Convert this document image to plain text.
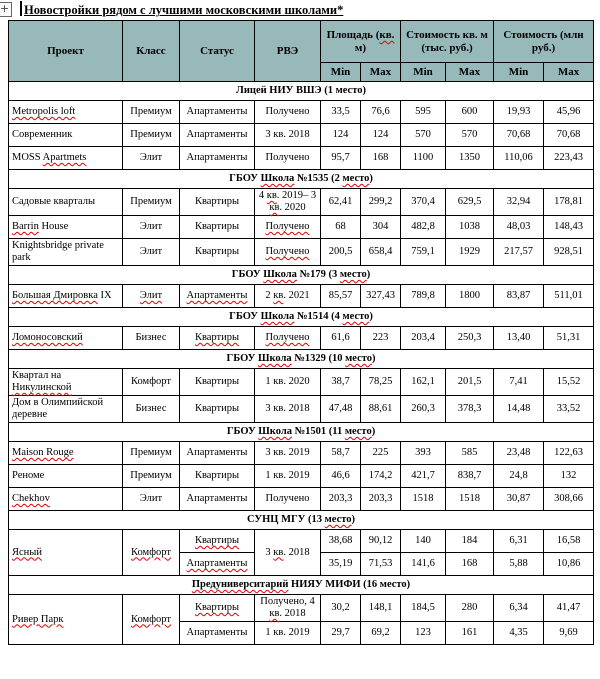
+ Новостройки рядом с лучшими московскими школами*

Проект	Класс	Статус	РВЭ	Площадь (кв. м)		Стоимость кв. м (тыс. руб.)		Стоимость (млн руб.)	
				Min	Max	Min	Max	Min	Max
Лицей НИУ ВШЭ (1 место)									
Metropolis loft	Премиум	Апартаменты	Получено	33,5	76,6	595	600	19,93	45,96
Современник	Премиум	Апартаменты	3 кв. 2018	124	124	570	570	70,68	70,68
MOSS Apartmets	Элит	Апартаменты	Получено	95,7	168	1100	1350	110,06	223,43
ГБОУ Школа №1535 (2 место)									
Садовые кварталы	Премиум	Квартиры	4 кв. 2019– 3 кв. 2020	62,41	299,2	370,4	629,5	32,94	178,81
Barrin House	Элит	Квартиры	Получено	68	304	482,8	1038	48,03	148,43
Knightsbridge private park	Элит	Квартиры	Получено	200,5	658,4	759,1	1929	217,57	928,51
ГБОУ Школа №179 (3 место)									
Большая Дмировка IX	Элит	Апартаменты	2 кв. 2021	85,57	327,43	789,8	1800	83,87	511,01
ГБОУ Школа №1514 (4 место)									
Ломоносовский	Бизнес	Квартиры	Получено	61,6	223	203,4	250,3	13,40	51,31
ГБОУ Школа №1329 (10 место)									
Квартал на Никулинской	Комфорт	Квартиры	1 кв. 2020	38,7	78,25	162,1	201,5	7,41	15,52
Дом в Олимпийской деревне	Бизнес	Квартиры	3 кв. 2018	47,48	88,61	260,3	378,3	14,48	33,52
ГБОУ Школа №1501 (11 место)									
Maison Rouge	Премиум	Апартаменты	3 кв. 2019	58,7	225	393	585	23,48	122,63
Реноме	Премиум	Квартиры	1 кв. 2019	46,6	174,2	421,7	838,7	24,8	132
Chekhov	Элит	Апартаменты	Получено	203,3	203,3	1518	1518	30,87	308,66
СУНЦ МГУ (13 место)									
Ясный	Комфорт	Квартиры	3 кв. 2018	38,68	90,12	140	184	6,31	16,58
		Апартаменты		35,19	71,53	141,6	168	5,88	10,86
Предуниверситарий НИЯУ МИФИ (16 место)									
Ривер Парк	Комфорт	Квартиры	Получено, 4 кв. 2018	30,2	148,1	184,5	280	6,34	41,47
		Апартаменты	1 кв. 2019	29,7	69,2	123	161	4,35	9,69
